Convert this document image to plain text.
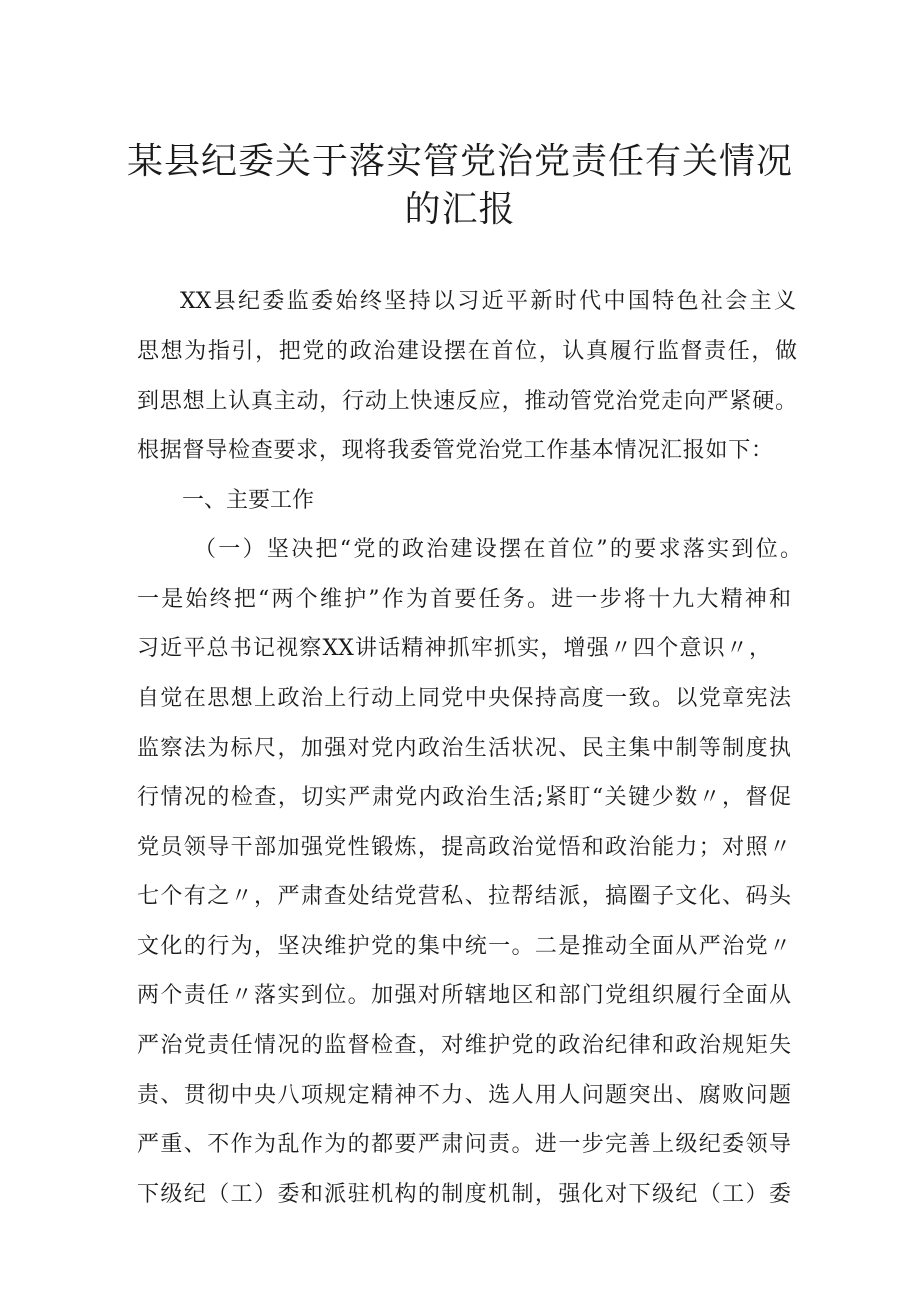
某县纪委关于落实管党治党责任有关情况
的汇报

XX县纪委监委始终坚持以习近平新时代中国特色社会主义

思想为指引，把党的政治建设摆在首位，认真履行监督责任，做

到思想上认真主动，行动上快速反应，推动管党治党走向严紧硬。

根据督导检查要求，现将我委管党治党工作基本情况汇报如下：

一、主要工作

（一）坚决把“党的政治建设摆在首位”的要求落实到位。

一是始终把“两个维护”作为首要任务。进一步将十九大精神和

习近平总书记视察XX讲话精神抓牢抓实，增强〃四个意识〃，

自觉在思想上政治上行动上同党中央保持高度一致。以党章宪法

监察法为标尺，加强对党内政治生活状况、民主集中制等制度执

行情况的检查，切实严肃党内政治生活;紧盯“关键少数〃，督促

党员领导干部加强党性锻炼，提高政治觉悟和政治能力；对照〃

七个有之〃，严肃查处结党营私、拉帮结派，搞圈子文化、码头

文化的行为，坚决维护党的集中统一。二是推动全面从严治党〃

两个责任〃落实到位。加强对所辖地区和部门党组织履行全面从

严治党责任情况的监督检查，对维护党的政治纪律和政治规矩失

责、贯彻中央八项规定精神不力、选人用人问题突出、腐败问题

严重、不作为乱作为的都要严肃问责。进一步完善上级纪委领导

下级纪（工）委和派驻机构的制度机制，强化对下级纪（工）委
